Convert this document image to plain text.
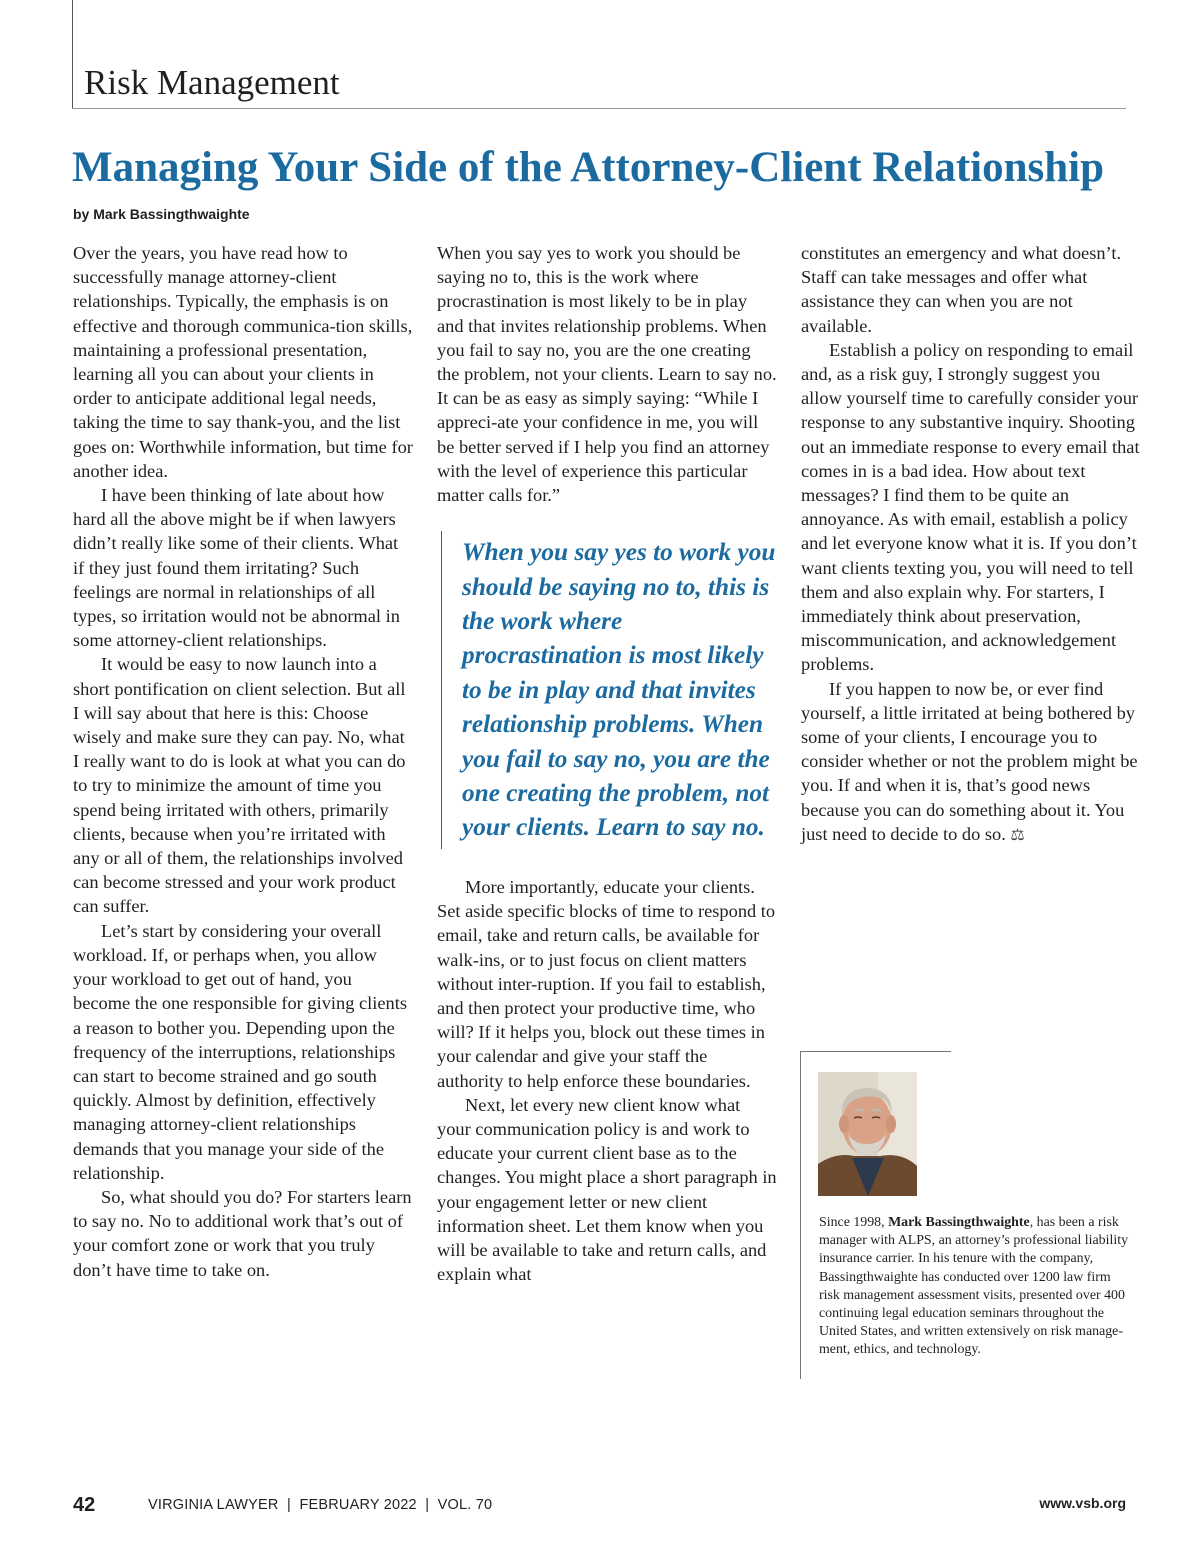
Risk Management
Managing Your Side of the Attorney-Client Relationship
by Mark Bassingthwaighte

Over the years, you have read how to successfully manage attorney-client relationships. Typically, the emphasis is on effective and thorough communica-tion skills, maintaining a professional presentation, learning all you can about your clients in order to anticipate additional legal needs, taking the time to say thank-you, and the list goes on: Worthwhile information, but time for another idea.

I have been thinking of late about how hard all the above might be if when lawyers didn’t really like some of their clients. What if they just found them irritating? Such feelings are normal in relationships of all types, so irritation would not be abnormal in some attorney-client relationships.

It would be easy to now launch into a short pontification on client selection. But all I will say about that here is this: Choose wisely and make sure they can pay. No, what I really want to do is look at what you can do to try to minimize the amount of time you spend being irritated with others, primarily clients, because when you’re irritated with any or all of them, the relationships involved can become stressed and your work product can suffer.

Let’s start by considering your overall workload. If, or perhaps when, you allow your workload to get out of hand, you become the one responsible for giving clients a reason to bother you. Depending upon the frequency of the interruptions, relationships can start to become strained and go south quickly. Almost by definition, effectively managing attorney-client relationships demands that you manage your side of the relationship.

So, what should you do? For starters learn to say no. No to additional work that’s out of your comfort zone or work that you truly don’t have time to take on.

When you say yes to work you should be saying no to, this is the work where procrastination is most likely to be in play and that invites relationship problems. When you fail to say no, you are the one creating the problem, not your clients. Learn to say no. It can be as easy as simply saying: “While I appreci-ate your confidence in me, you will be better served if I help you find an attorney with the level of experience this particular matter calls for.”

When you say yes to work you should be saying no to, this is the work where procrastination is most likely to be in play and that invites relationship problems. When you fail to say no, you are the one creating the problem, not your clients. Learn to say no.

More importantly, educate your clients. Set aside specific blocks of time to respond to email, take and return calls, be available for walk-ins, or to just focus on client matters without inter-ruption. If you fail to establish, and then protect your productive time, who will? If it helps you, block out these times in your calendar and give your staff the authority to help enforce these boundaries.

Next, let every new client know what your communication policy is and work to educate your current client base as to the changes. You might place a short paragraph in your engagement letter or new client information sheet. Let them know when you will be available to take and return calls, and explain what

constitutes an emergency and what doesn’t. Staff can take messages and offer what assistance they can when you are not available.

Establish a policy on responding to email and, as a risk guy, I strongly suggest you allow yourself time to carefully consider your response to any substantive inquiry. Shooting out an immediate response to every email that comes in is a bad idea. How about text messages? I find them to be quite an annoyance. As with email, establish a policy and let everyone know what it is. If you don’t want clients texting you, you will need to tell them and also explain why. For starters, I immediately think about preservation, miscommunication, and acknowledgement problems.

If you happen to now be, or ever find yourself, a little irritated at being bothered by some of your clients, I encourage you to consider whether or not the problem might be you. If and when it is, that’s good news because you can do something about it. You just need to decide to do so. ⚖

Since 1998, Mark Bassingthwaighte, has been a risk manager with ALPS, an attorney’s professional liability insurance carrier. In his tenure with the company, Bassingthwaighte has conducted over 1200 law firm risk management assessment visits, presented over 400 continuing legal education seminars throughout the United States, and written extensively on risk manage-ment, ethics, and technology.

42	VIRGINIA LAWYER  |  FEBRUARY 2022  |  VOL. 70	www.vsb.org
